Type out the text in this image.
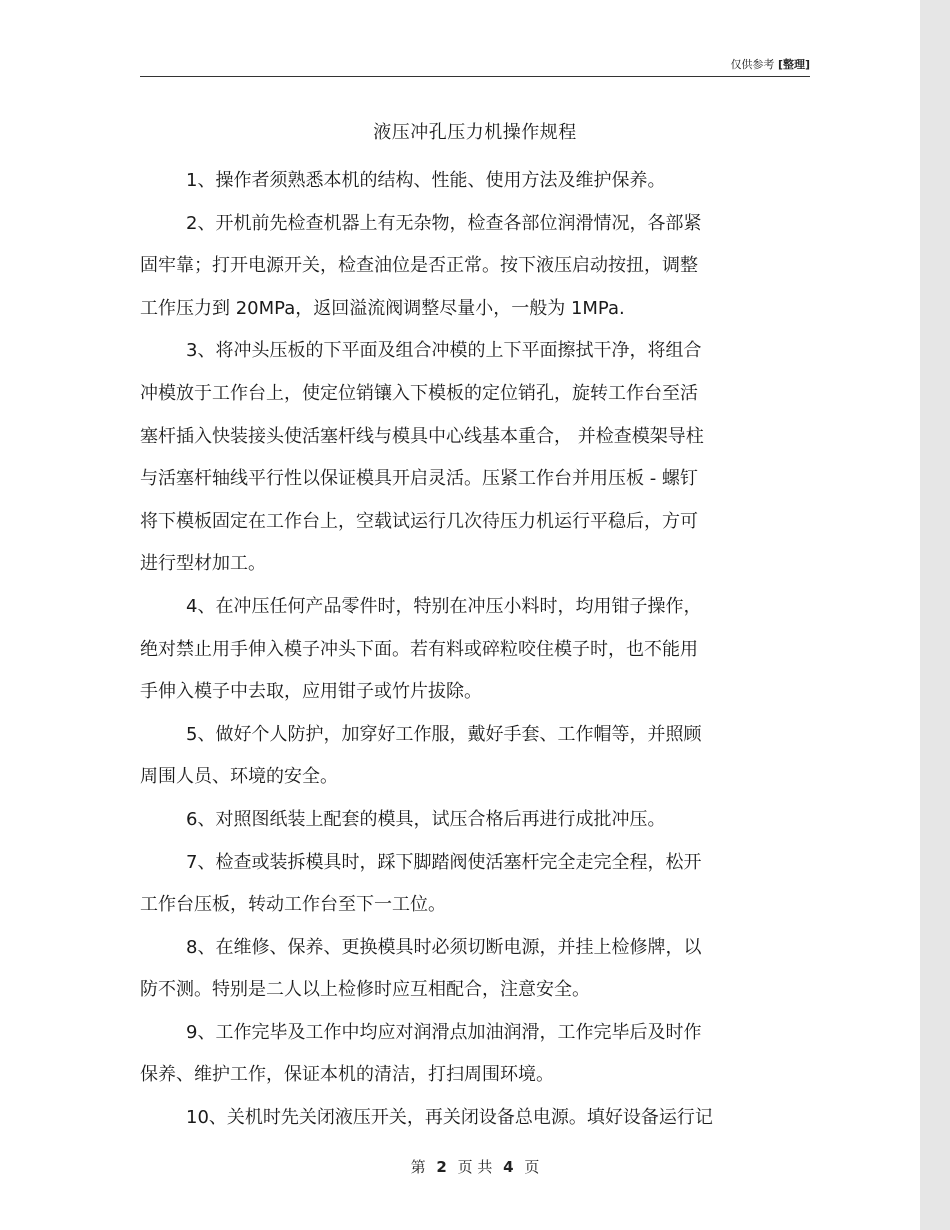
仅供参考 [整理]
液压冲孔压力机操作规程
1、操作者须熟悉本机的结构、性能、使用方法及维护保养。
2、开机前先检查机器上有无杂物，检查各部位润滑情况，各部紧
固牢靠；打开电源开关，检查油位是否正常。按下液压启动按扭，调整
工作压力到 20MPa，返回溢流阀调整尽量小，一般为 1MPa.
3、将冲头压板的下平面及组合冲模的上下平面擦拭干净，将组合
冲模放于工作台上，使定位销镶入下模板的定位销孔，旋转工作台至活
塞杆插入快装接头使活塞杆线与模具中心线基本重合， 并检查模架导柱
与活塞杆轴线平行性以保证模具开启灵活。压紧工作台并用压板 - 螺钉
将下模板固定在工作台上，空载试运行几次待压力机运行平稳后，方可
进行型材加工。
4、在冲压任何产品零件时，特别在冲压小料时，均用钳子操作，
绝对禁止用手伸入模子冲头下面。若有料或碎粒咬住模子时，也不能用
手伸入模子中去取，应用钳子或竹片拔除。
5、做好个人防护，加穿好工作服，戴好手套、工作帽等，并照顾
周围人员、环境的安全。
6、对照图纸装上配套的模具，试压合格后再进行成批冲压。
7、检查或装拆模具时，踩下脚踏阀使活塞杆完全走完全程，松开
工作台压板，转动工作台至下一工位。
8、在维修、保养、更换模具时必须切断电源，并挂上检修牌，以
防不测。特别是二人以上检修时应互相配合，注意安全。
9、工作完毕及工作中均应对润滑点加油润滑，工作完毕后及时作
保养、维护工作，保证本机的清洁，打扫周围环境。
10、关机时先关闭液压开关，再关闭设备总电源。填好设备运行记
第 2 页 共 4 页
